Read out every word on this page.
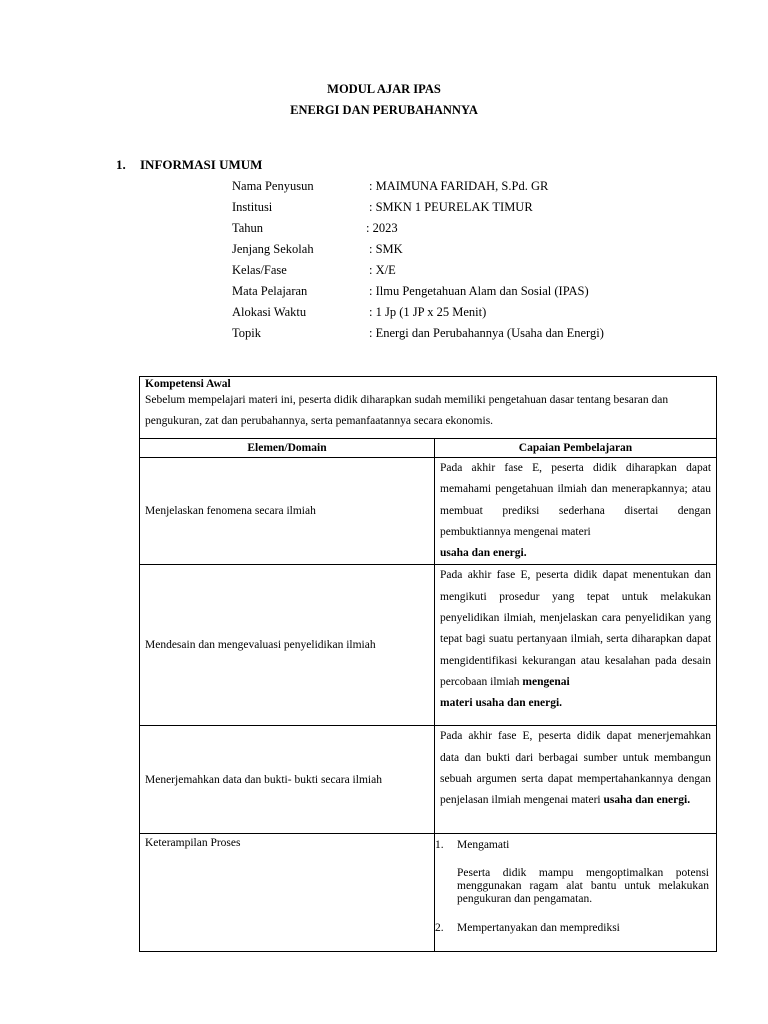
MODUL AJAR IPAS
ENERGI DAN PERUBAHANNYA
1. INFORMASI UMUM
Nama Penyusun	: MAIMUNA FARIDAH, S.Pd. GR
Institusi	: SMKN 1 PEURELAK TIMUR
Tahun	: 2023
Jenjang Sekolah	: SMK
Kelas/Fase	: X/E
Mata Pelajaran	: Ilmu Pengetahuan Alam dan Sosial (IPAS)
Alokasi Waktu	: 1 Jp (1 JP x 25 Menit)
Topik	: Energi dan Perubahannya (Usaha dan Energi)
Kompetensi Awal
Sebelum mempelajari materi ini, peserta didik diharapkan sudah memiliki pengetahuan dasar tentang besaran dan pengukuran, zat dan perubahannya, serta pemanfaatannya secara ekonomis.	

Elemen/Domain	Capaian Pembelajaran
Menjelaskan fenomena secara ilmiah	Pada akhir fase E, peserta didik diharapkan dapat memahami pengetahuan ilmiah dan menerapkannya; atau membuat prediksi sederhana disertai dengan pembuktiannya mengenai materi
usaha dan energi.
Mendesain dan mengevaluasi penyelidikan ilmiah	Pada akhir fase E, peserta didik dapat menentukan dan mengikuti prosedur yang tepat untuk melakukan penyelidikan ilmiah, menjelaskan cara penyelidikan yang tepat bagi suatu pertanyaan ilmiah, serta diharapkan dapat mengidentifikasi kekurangan atau kesalahan pada desain percobaan ilmiah mengenai
materi usaha dan energi.
Menerjemahkan data dan bukti- bukti secara ilmiah	Pada akhir fase E, peserta didik dapat menerjemahkan data dan bukti dari berbagai sumber untuk membangun sebuah argumen serta dapat mempertahankannya dengan penjelasan ilmiah mengenai materi usaha dan energi.
Keterampilan Proses	1. Mengamati
Peserta didik mampu mengoptimalkan potensi menggunakan ragam alat bantu untuk melakukan pengukuran dan pengamatan.
2. Mempertanyakan dan memprediksi
